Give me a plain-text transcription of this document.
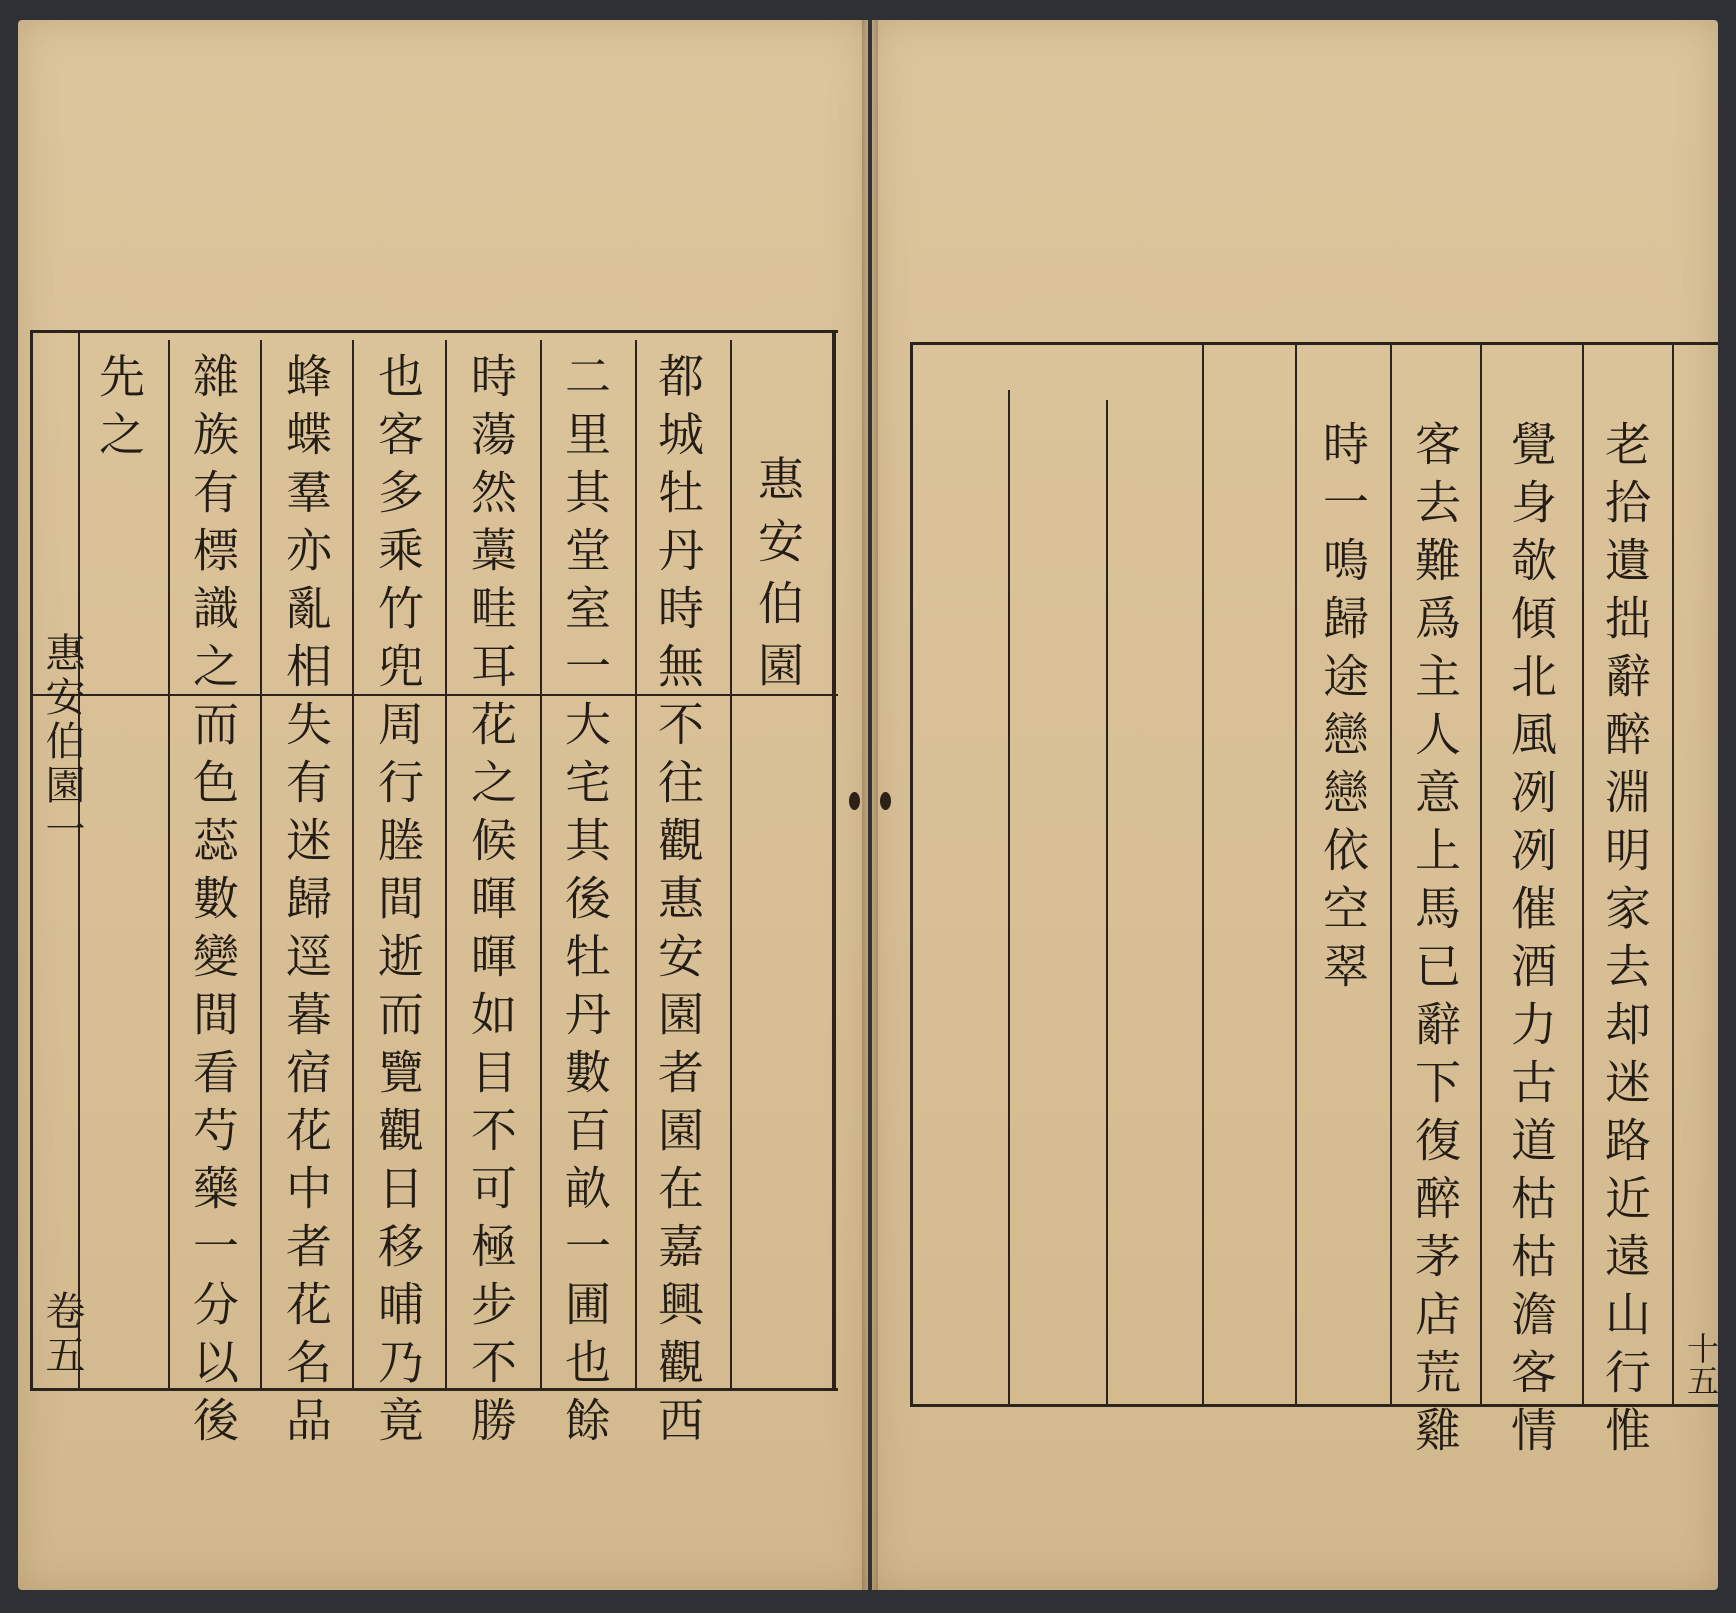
惠安伯園
都城牡丹時無不往觀惠安園者園在嘉興觀西
二里其堂室一大宅其後牡丹數百畝一圃也餘
時蕩然藁畦耳花之候暉暉如目不可極步不勝
也客多乘竹兜周行塍間逝而覽觀日移晡乃竟
蜂蝶羣亦亂相失有迷歸逕暮宿花中者花名品
雜族有標識之而色蕊數變間看芍藥一分以後
先之
惠安伯園一
卷五	老拾遺拙辭醉淵明家去却迷路近遠山行惟
覺身欹傾北風冽冽催酒力古道枯枯澹客情
客去難爲主人意上馬已辭下復醉茅店荒雞
時一鳴歸途戀戀依空翠
十五
